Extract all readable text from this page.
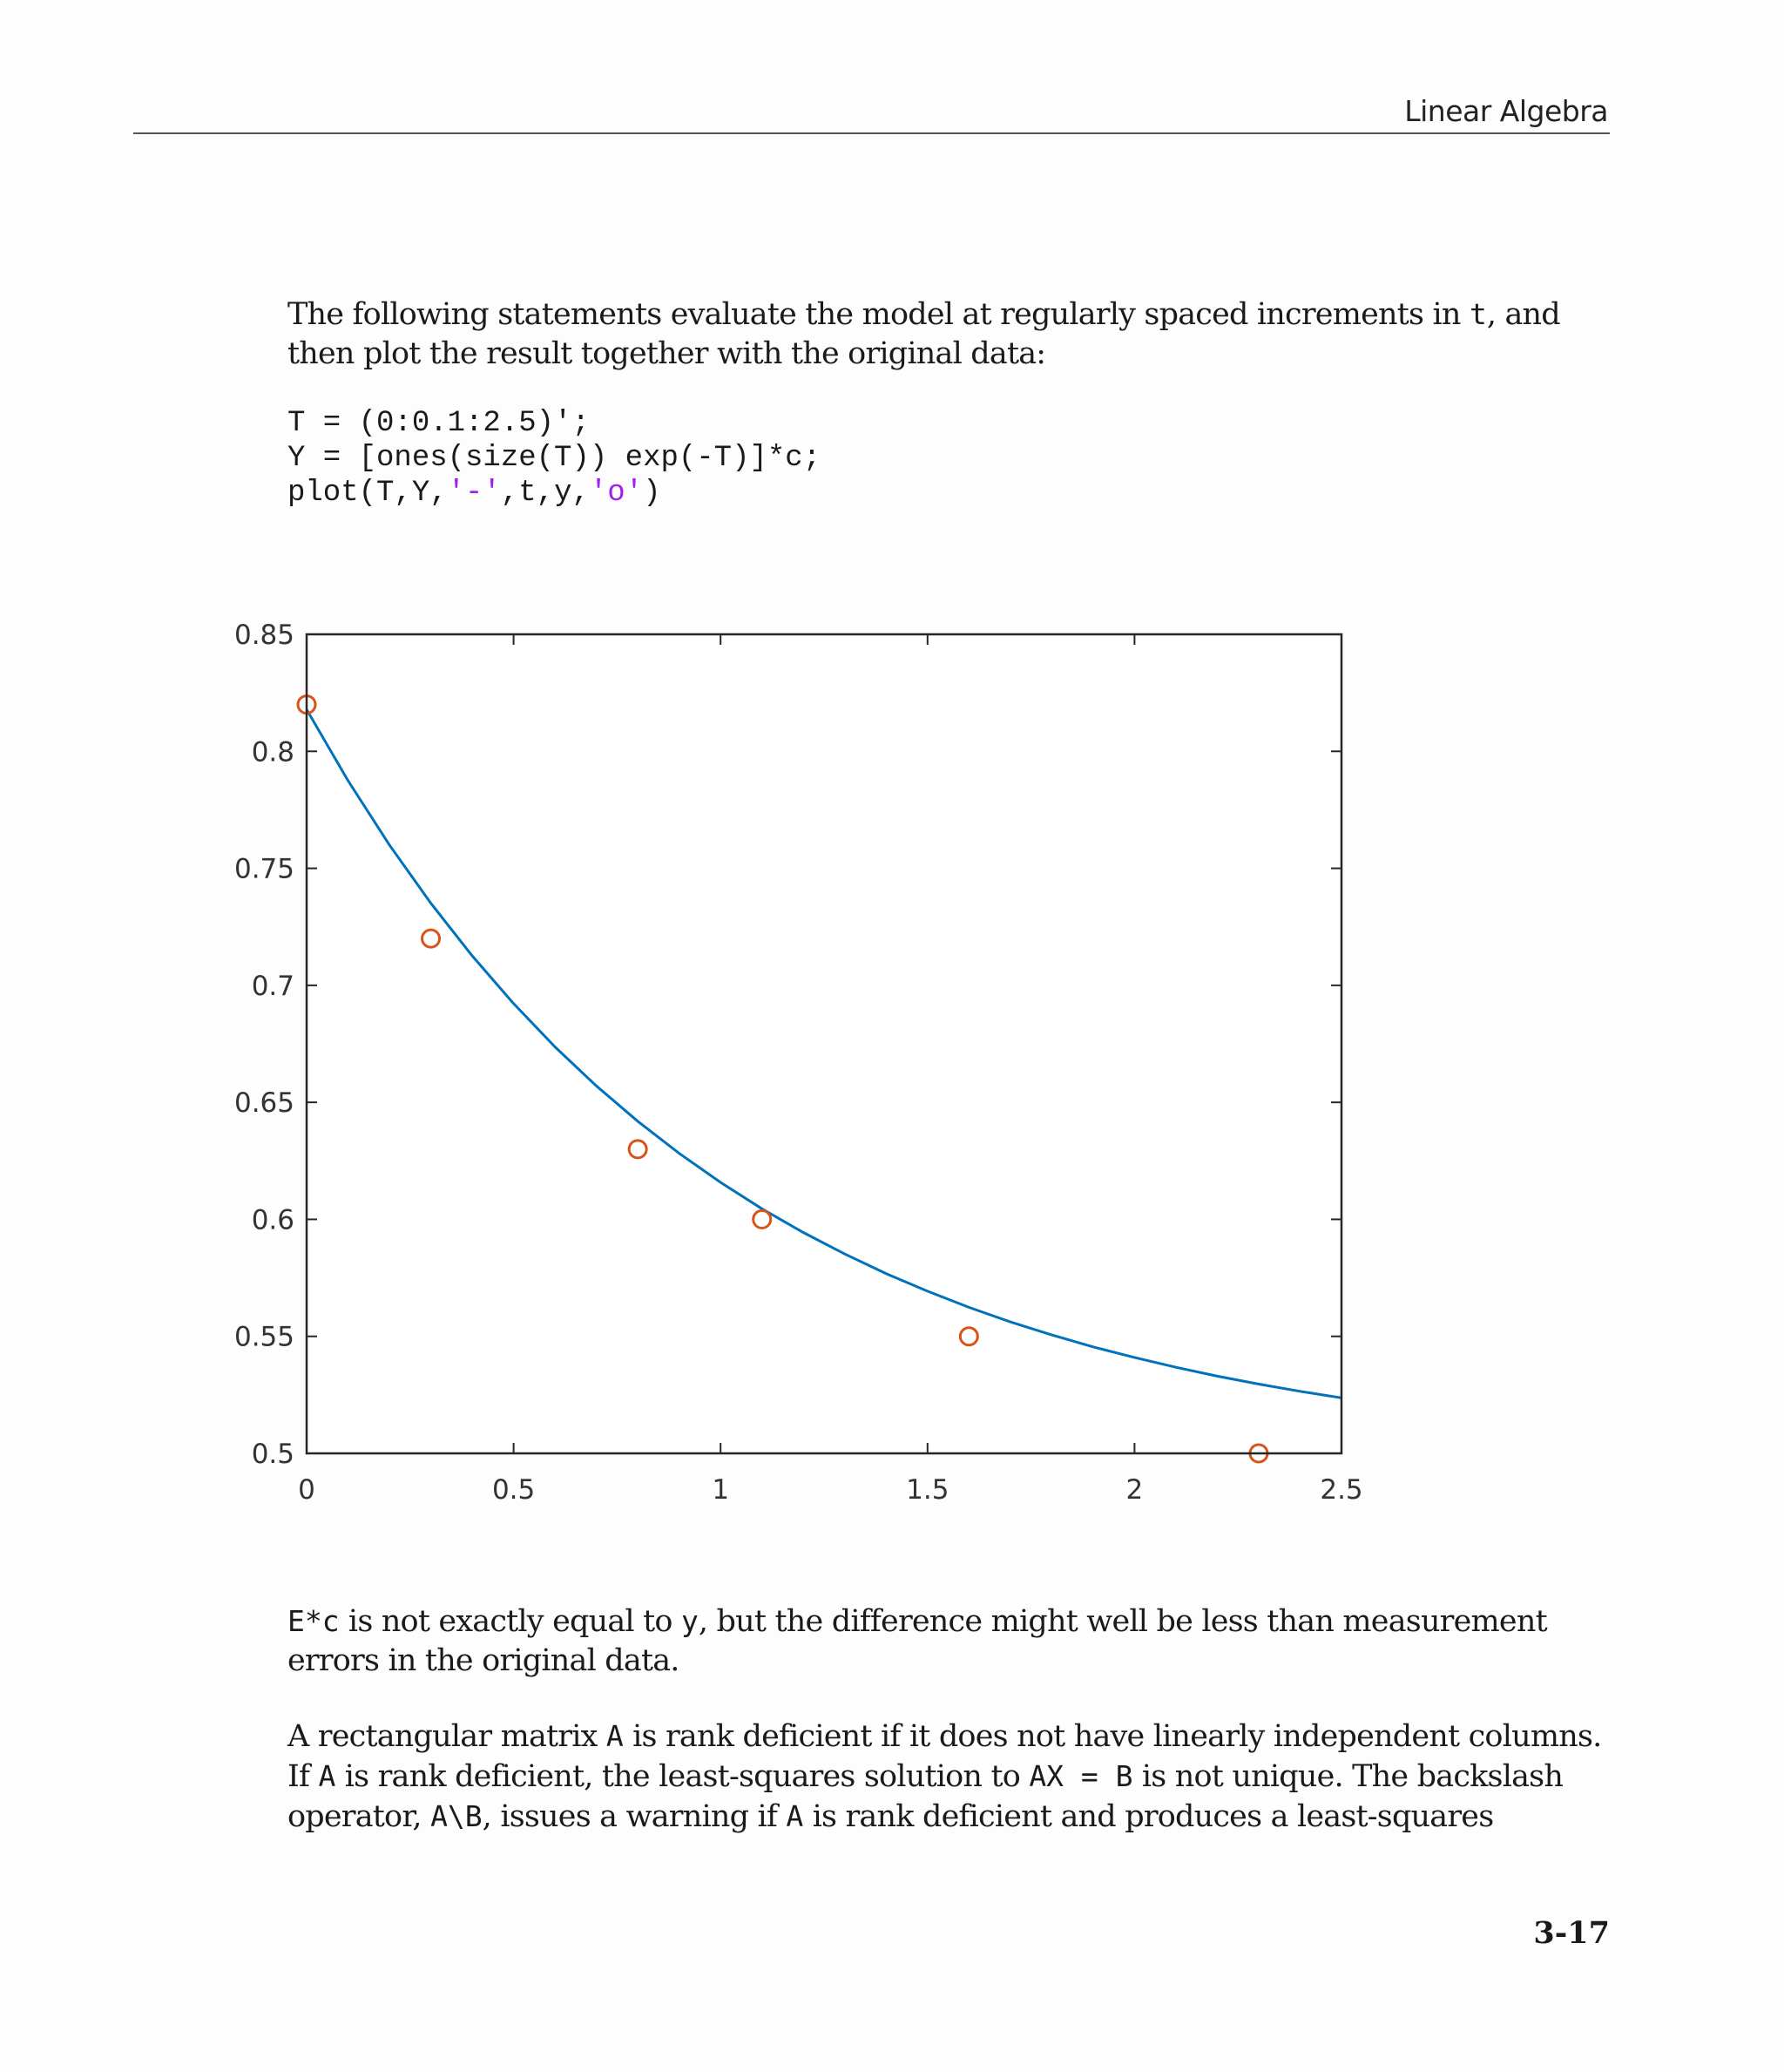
Linear Algebra

The following statements evaluate the model at regularly spaced increments in t, and then plot the result together with the original data:

T = (0:0.1:2.5)';
Y = [ones(size(T)) exp(-T)]*c;
plot(T,Y,'-',t,y,'o')
0.5
0.55
0.6
0.65
0.7
0.75
0.8
0.85
0	0.5	1	1.5	2	2.5

E*c is not exactly equal to y, but the difference might well be less than measurement errors in the original data.

A rectangular matrix A is rank deficient if it does not have linearly independent columns. If A is rank deficient, the least-squares solution to AX = B is not unique. The backslash operator, A\B, issues a warning if A is rank deficient and produces a least-squares

3-17
